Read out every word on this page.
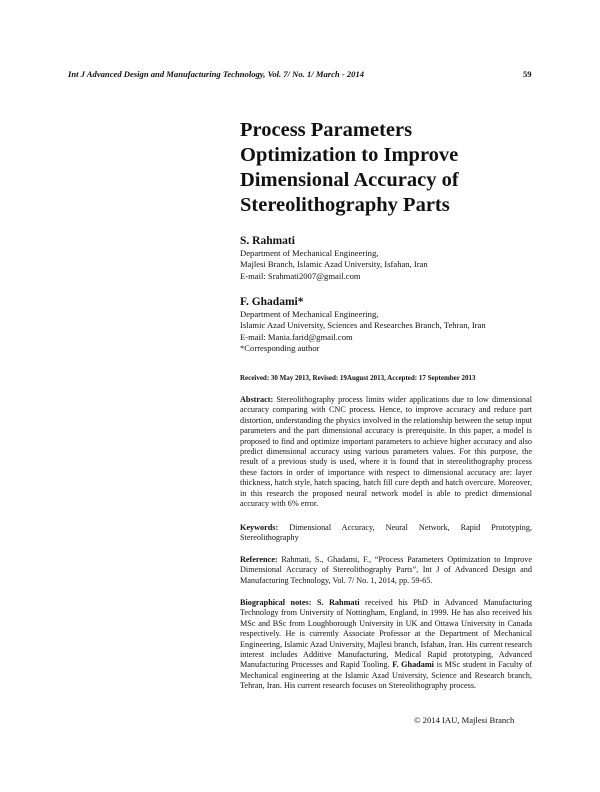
Int J Advanced Design and Manufacturing Technology, Vol. 7/ No. 1/ March - 2014	59
Process Parameters
Optimization to Improve
Dimensional Accuracy of
Stereolithography Parts
S. Rahmati
Department of Mechanical Engineering,
Majlesi Branch, Islamic Azad University, Isfahan, Iran
E-mail: Srahmati2007@gmail.com
F. Ghadami*
Department of Mechanical Engineering,
Islamic Azad University, Sciences and Researches Branch, Tehran, Iran
E-mail: Mania.farid@gmail.com
*Corresponding author
Received: 30 May 2013, Revised: 19August 2013, Accepted: 17 September 2013

Abstract: Stereolithography process limits wider applications due to low dimensional accuracy comparing with CNC process. Hence, to improve accuracy and reduce part distortion, understanding the physics involved in the relationship between the setup input parameters and the part dimensional accuracy is prerequisite. In this paper, a model is proposed to find and optimize important parameters to achieve higher accuracy and also predict dimensional accuracy using various parameters values. For this purpose, the result of a previous study is used, where it is found that in stereolithography process these factors in order of importance with respect to dimensional accuracy are: layer thickness, hatch style, hatch spacing, hatch fill cure depth and hatch overcure. Moreover, in this research the proposed neural network model is able to predict dimensional accuracy with 6% error.

Keywords: Dimensional Accuracy, Neural Network, Rapid Prototyping, Stereolithography

Reference: Rahmati, S., Ghadami, F., “Process Parameters Optimization to Improve Dimensional Accuracy of Stereolithography Parts”, Int J of Advanced Design and Manufacturing Technology, Vol. 7/ No. 1, 2014, pp. 59-65.

Biographical notes: S. Rahmati received his PhD in Advanced Manufacturing Technology from University of Nottingham, England, in 1999. He has also received his MSc and BSc from Loughborough University in UK and Ottawa University in Canada respectively. He is currently Associate Professor at the Department of Mechanical Engineering, Islamic Azad University, Majlesi branch, Isfahan, Iran. His current research interest includes Additive Manufacturing, Medical Rapid prototyping, Advanced Manufacturing Processes and Rapid Tooling. F. Ghadami is MSc student in Faculty of Mechanical engineering at the Islamic Azad University, Science and Research branch, Tehran, Iran. His current research focuses on Stereolithography process.

© 2014 IAU, Majlesi Branch
